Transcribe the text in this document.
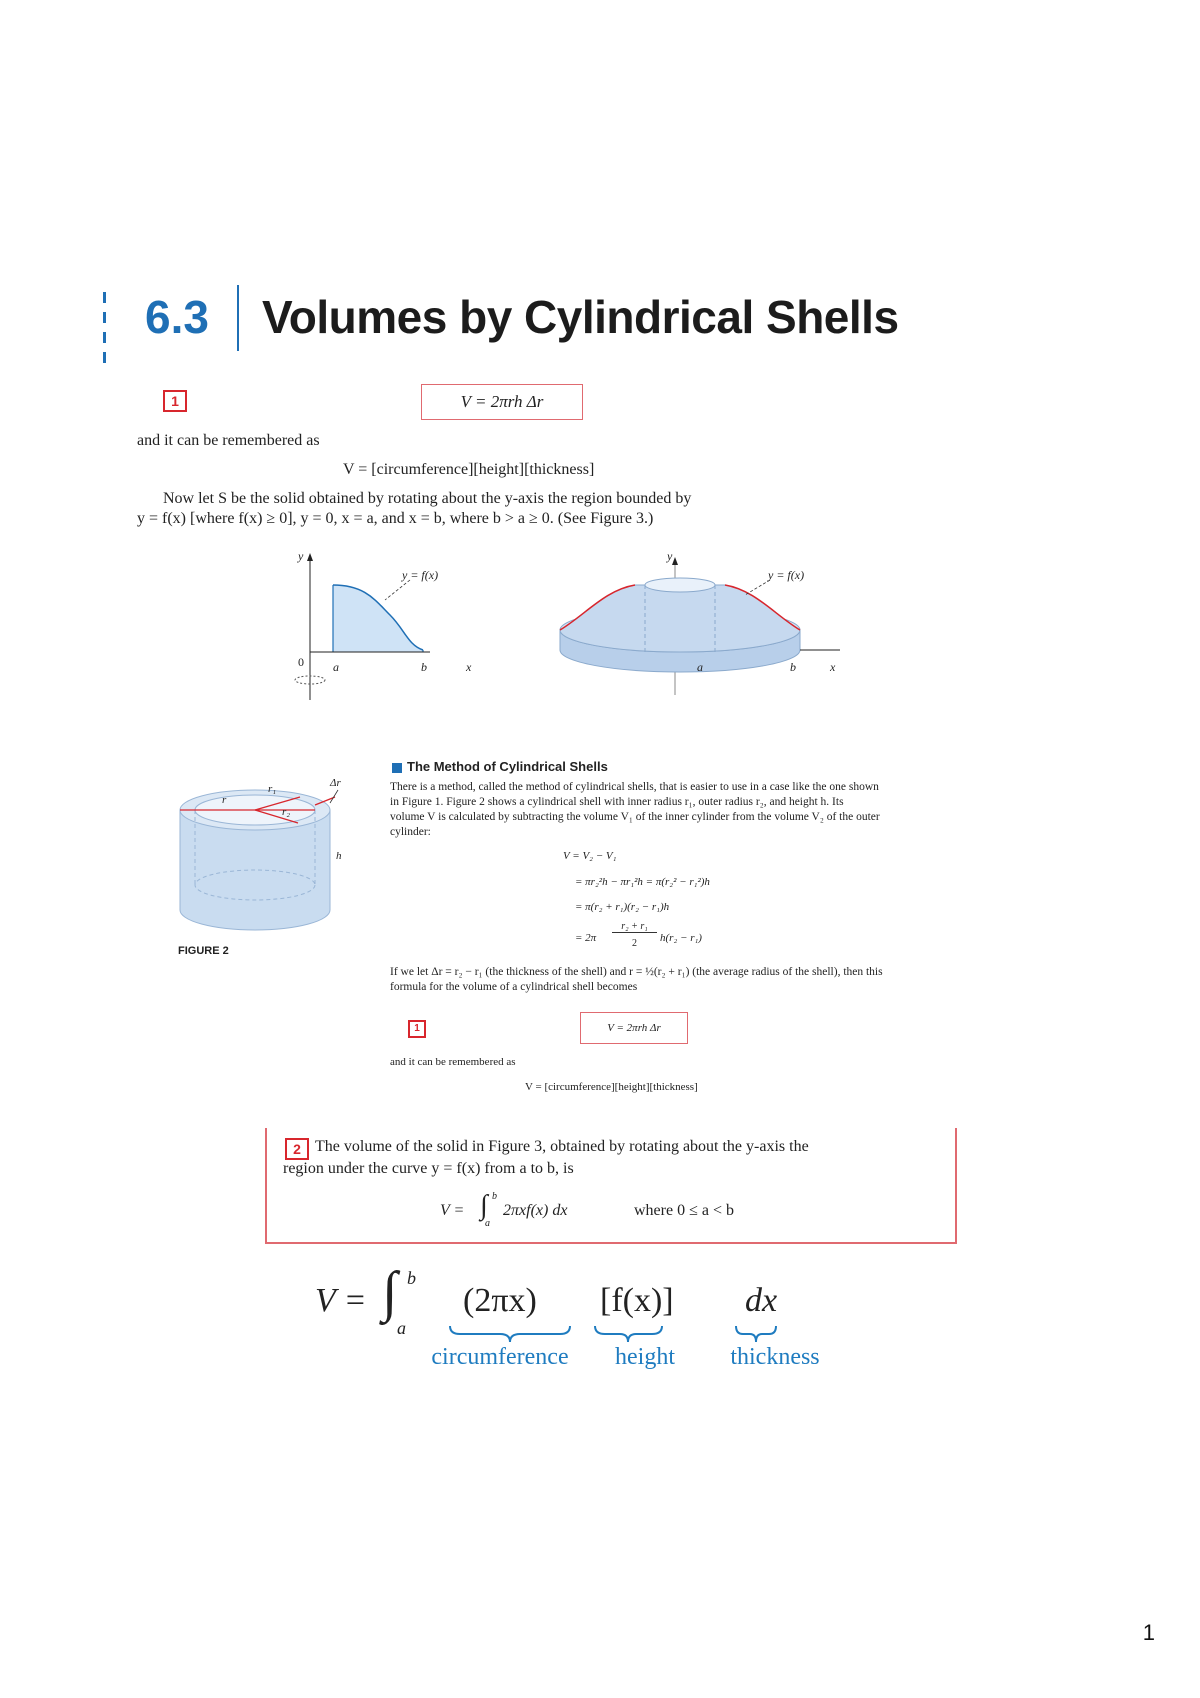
6.3 Volumes by Cylindrical Shells
1	V = 2πrh Δr
and it can be remembered as
V = [circumference][height][thickness]
Now let S be the solid obtained by rotating about the y-axis the region bounded by
y = f(x) [where f(x) ≥ 0], y = 0, x = a, and x = b, where b > a ≥ 0. (See Figure 3.)
y
y = f(x)
0 a	b	x
y
y = f(x)
a	b	x
r
r₁
r₂
Δr
h
FIGURE 2
The Method of Cylindrical Shells
There is a method, called the method of cylindrical shells, that is easier to use in a case like the one shown in Figure 1. Figure 2 shows a cylindrical shell with inner radius r₁, outer radius r₂, and height h. Its volume V is calculated by subtracting the volume V₁ of the inner cylinder from the volume V₂ of the outer cylinder:
V = V₂ − V₁
= πr₂²h − πr₁²h = π(r₂² − r₁²)h
= π(r₂ + r₁)(r₂ − r₁)h
= 2π
r₂ + r₁
2	h(r₂ − r₁)
If we let Δr = r₂ − r₁ (the thickness of the shell) and r = ½(r₂ + r₁) (the average radius of the shell), then this formula for the volume of a cylindrical shell becomes
1	V = 2πrh Δr
and it can be remembered as
V = [circumference][height][thickness]
2 The volume of the solid in Figure 3, obtained by rotating about the y-axis the
region under the curve y = f(x) from a to b, is
V = ∫ b
a
2πxf(x) dx	where 0 ≤ a < b
V = ∫ b
a
(2πx) [f(x)] dx
circumference	height	thickness
1
